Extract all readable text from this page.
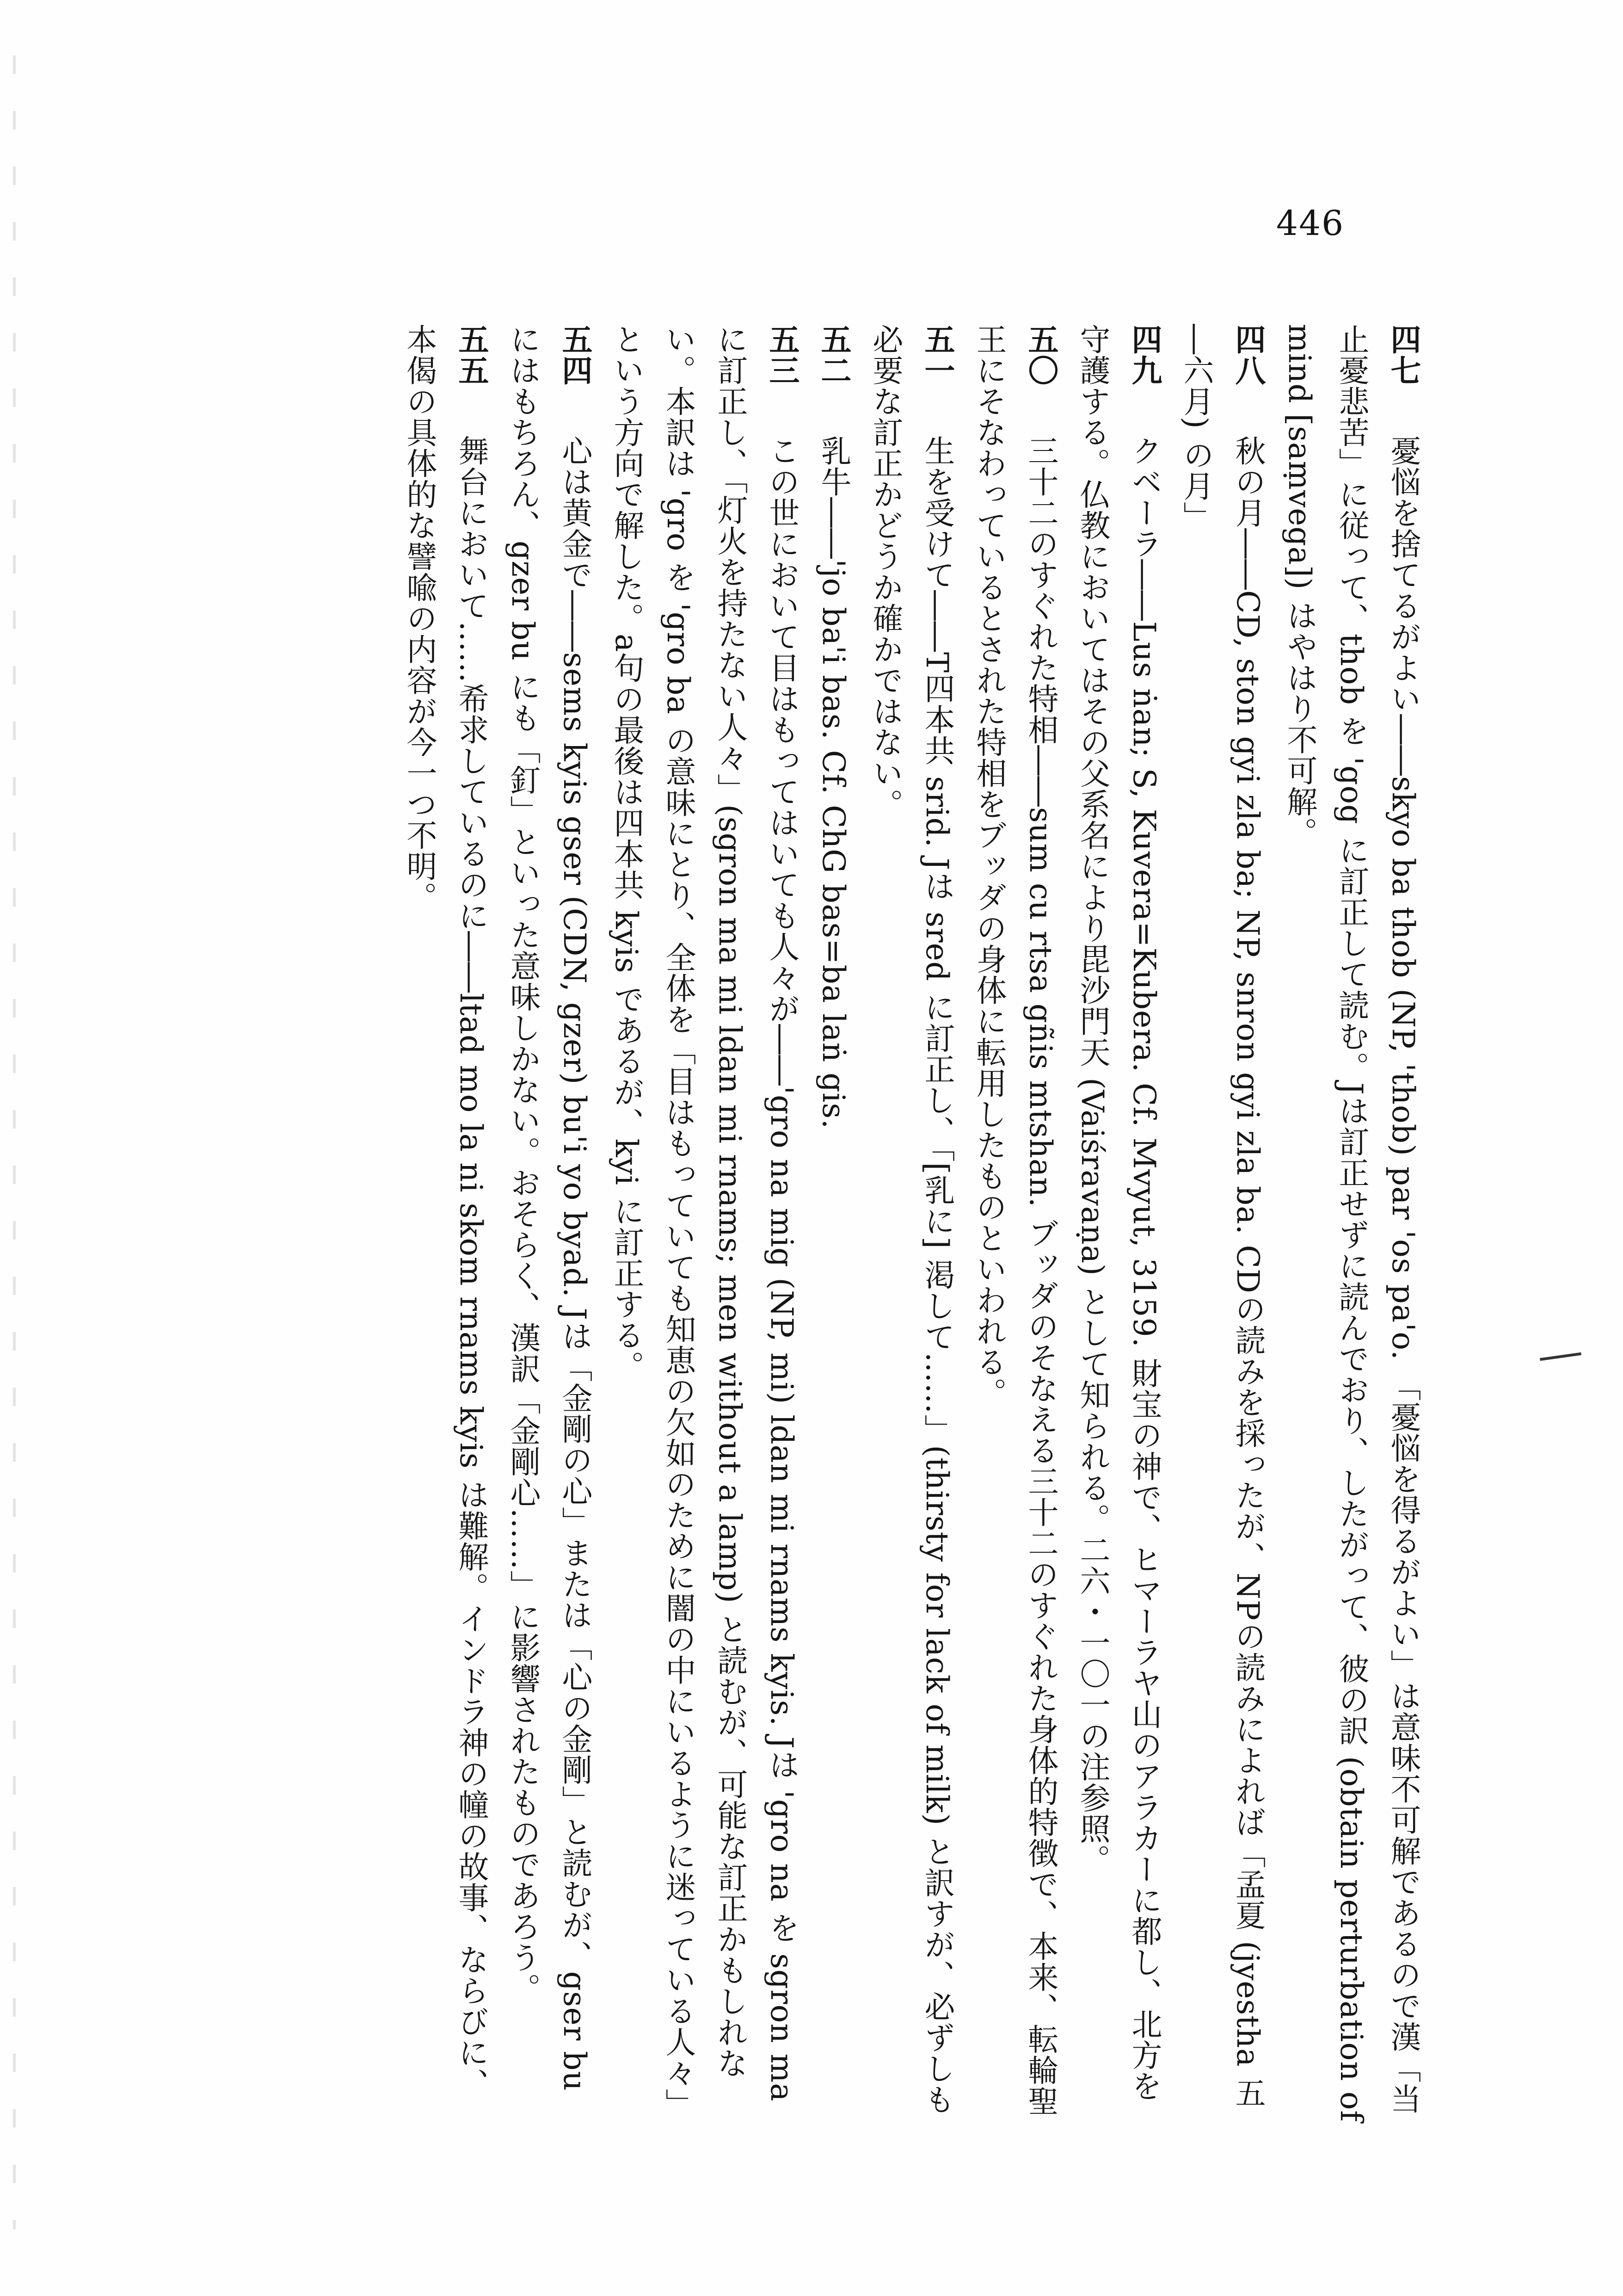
446

四七　憂悩を捨てるがよい――skyo ba thob (NP, 'thob) par 'os pa'o. 「憂悩を得るがよい」は意味不可解であるので漢「当止憂悲苦」に従って、thob を 'gog に訂正して読む。Jは訂正せずに読んでおり、したがって、彼の訳 (obtain perturbation of mind [saṃvega]) はやはり不可解。

四八　秋の月――CD, ston gyi zla ba; NP, snron gyi zla ba. CDの読みを採ったが、NPの読みによれば「孟夏 (jyestha 五―六月) の月」

四九　クベーラ――Lus ṅan; S, Kuvera=Kubera. Cf. Mvyut, 3159. 財宝の神で、ヒマーラヤ山のアラカーに都し、北方を守護する。仏教においてはその父系名により毘沙門天 (Vaiśravaṇa) として知られる。二六・一〇一の注参照。

五〇　三十二のすぐれた特相――sum cu rtsa gñis mtshan. ブッダのそなえる三十二のすぐれた身体的特徴で、本来、転輪聖王にそなわっているとされた特相をブッダの身体に転用したものといわれる。

五一　生を受けて――T四本共 srid. Jは sred に訂正し、「[乳に] 渇して……」(thirsty for lack of milk) と訳すが、必ずしも必要な訂正かどうか確かではない。

五二　乳牛――'jo ba'i bas. Cf. ChG bas=ba laṅ gis.

五三　この世において目はもってはいても人々が――'gro na mig (NP, mi) ldan mi rnams kyis. Jは 'gro na を sgron ma に訂正し、「灯火を持たない人々」(sgron ma mi ldan mi rnams; men without a lamp) と読むが、可能な訂正かもしれない。本訳は 'gro を 'gro ba の意味にとり、全体を「目はもっていても知恵の欠如のために闇の中にいるように迷っている人々」という方向で解した。a句の最後は四本共 kyis であるが、kyi に訂正する。

五四　心は黄金で――sems kyis gser (CDN, gzer) bu'i yo byad. Jは「金剛の心」または「心の金剛」と読むが、gser bu にはもちろん、gzer bu にも「釘」といった意味しかない。おそらく、漢訳「金剛心……」に影響されたものであろう。

五五　舞台において……希求しているのに――ltad mo la ni skom rnams kyis は難解。インドラ神の幢の故事、ならびに、本偈の具体的な譬喩の内容が今一つ不明。
